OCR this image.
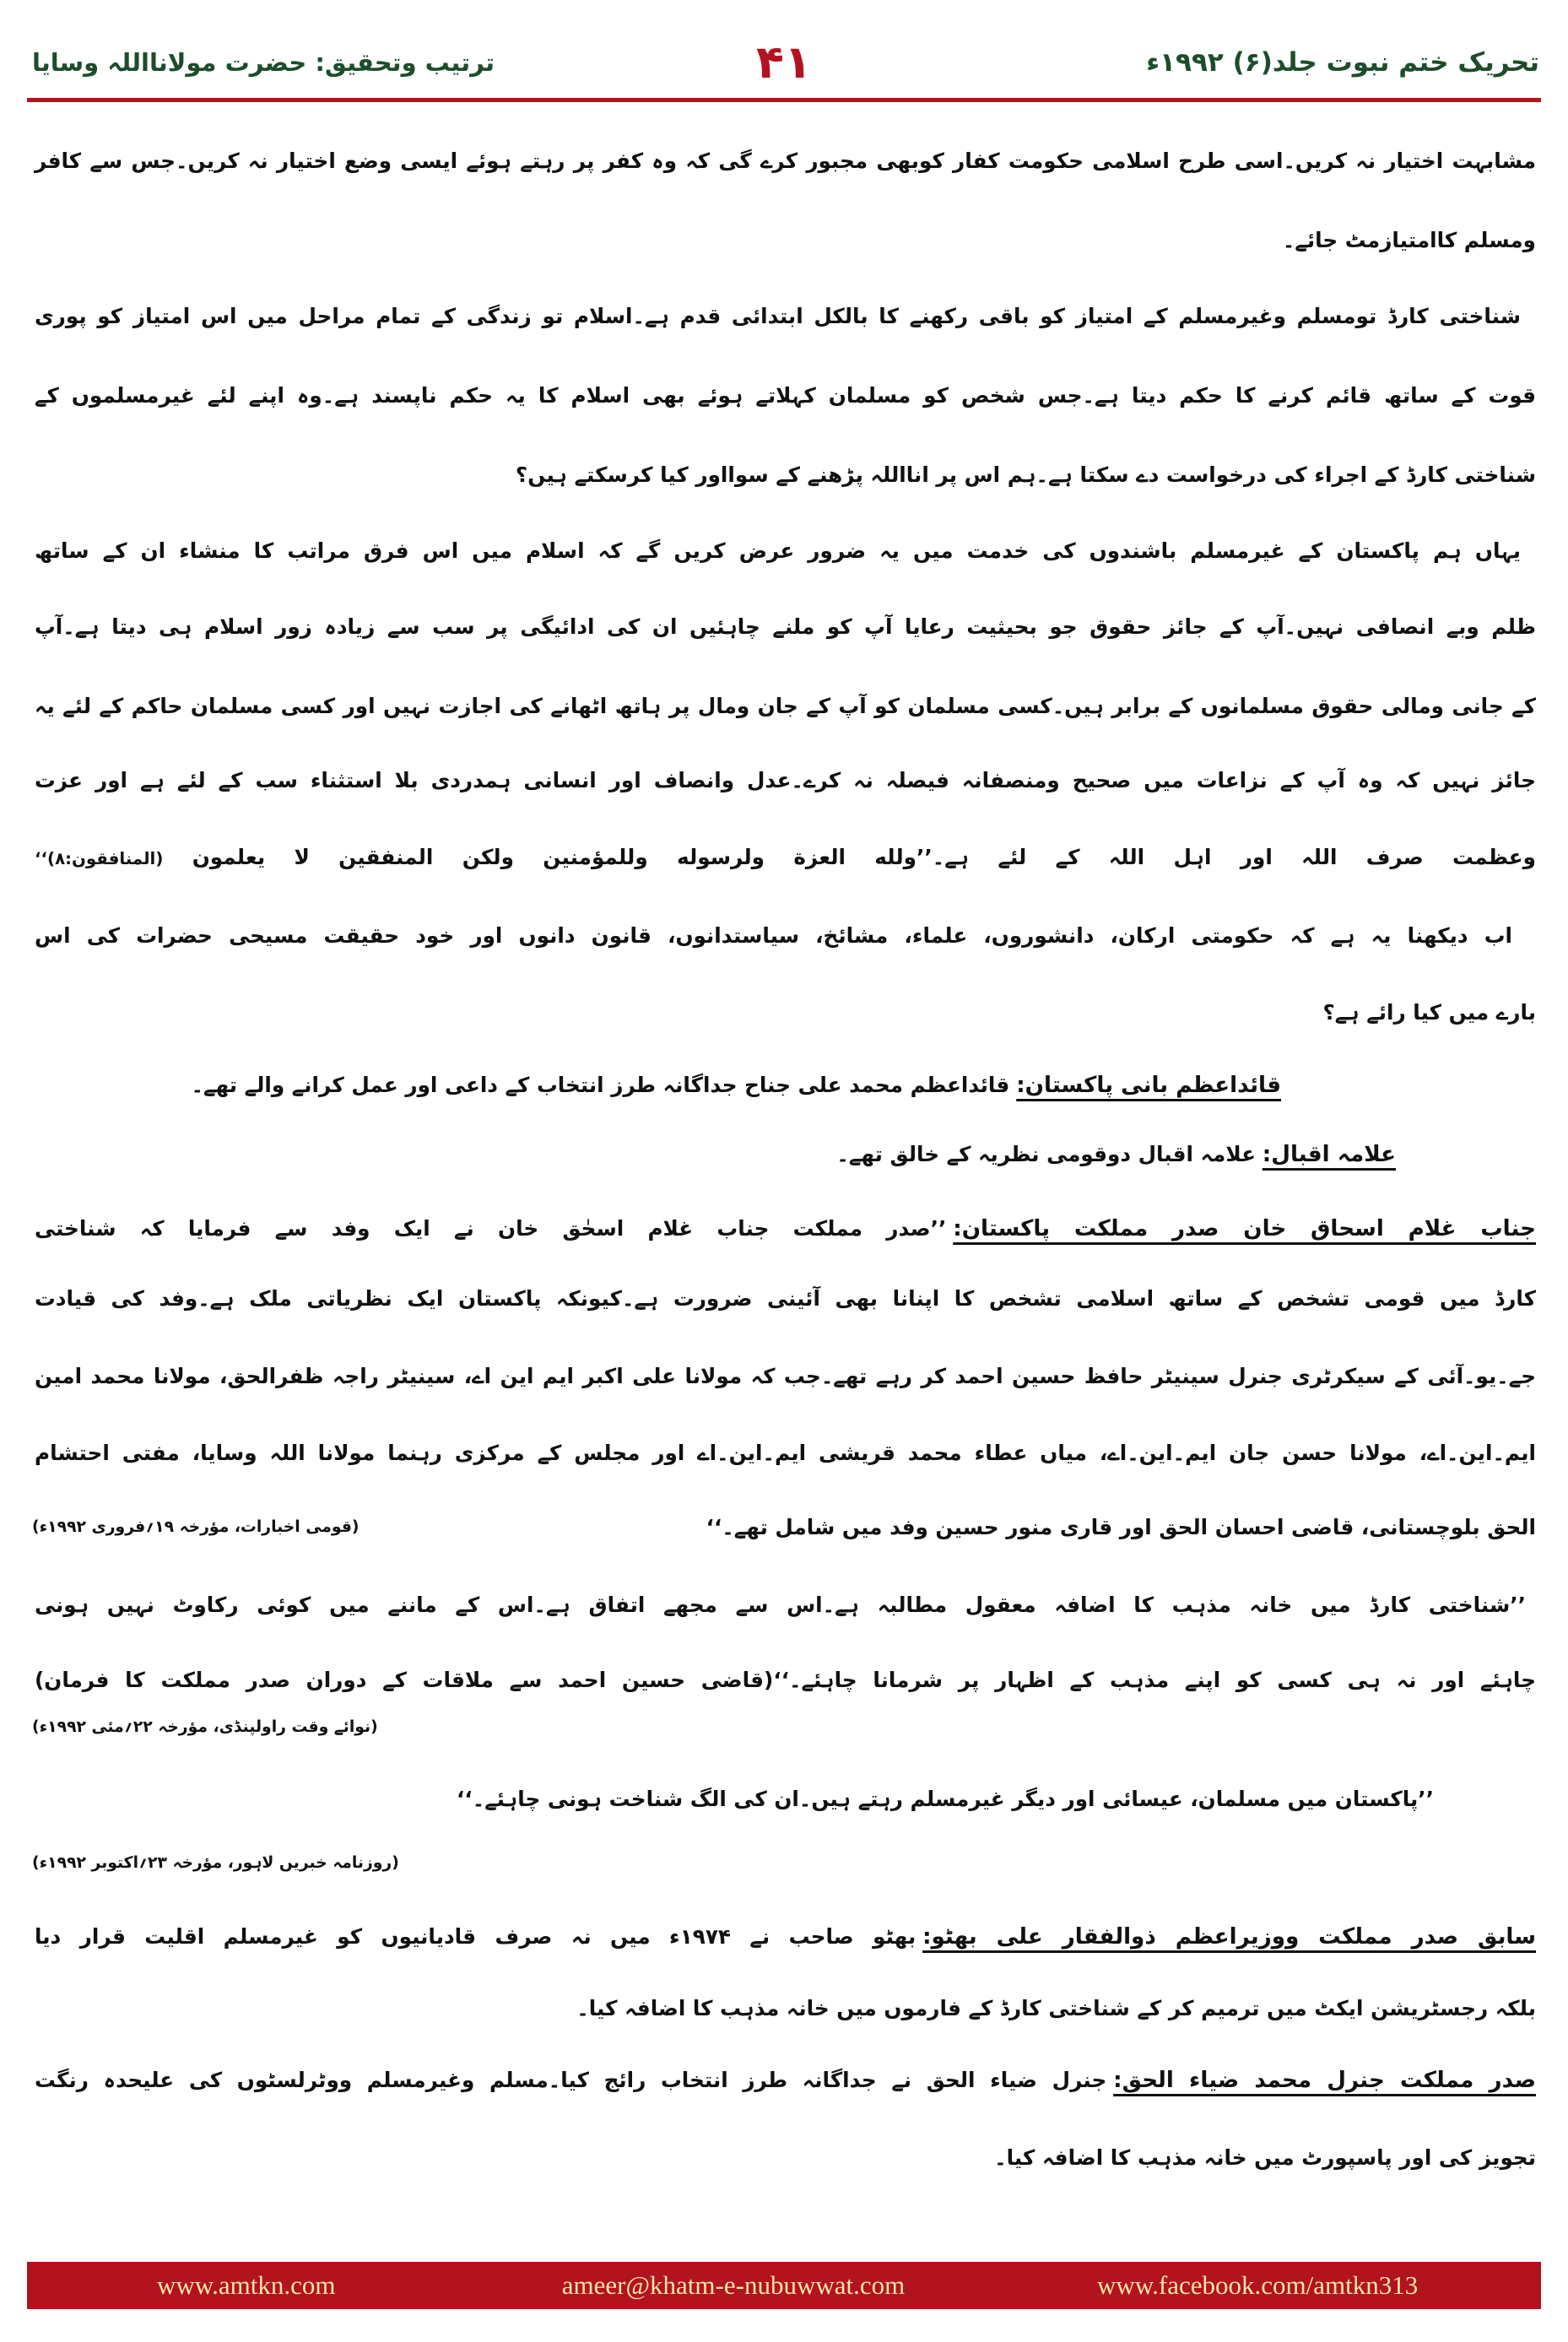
تحریک ختم نبوت جلد(۶) ۱۹۹۲ء
۴۱
ترتیب وتحقیق: حضرت مولانااللہ وسایا
مشابہت اختیار نہ کریں۔اسی طرح اسلامی حکومت کفار کوبھی مجبور کرے گی کہ وہ کفر پر رہتے ہوئے ایسی وضع اختیار نہ کریں۔جس سے کافر
ومسلم کاامتیازمٹ جائے۔
شناختی کارڈ تومسلم وغیرمسلم کے امتیاز کو باقی رکھنے کا بالکل ابتدائی قدم ہے۔اسلام تو زندگی کے تمام مراحل میں اس امتیاز کو پوری
قوت کے ساتھ قائم کرنے کا حکم دیتا ہے۔جس شخص کو مسلمان کہلاتے ہوئے بھی اسلام کا یہ حکم ناپسند ہے۔وہ اپنے لئے غیرمسلموں کے
شناختی کارڈ کے اجراء کی درخواست دے سکتا ہے۔ہم اس پر انااللہ پڑھنے کے سوااور کیا کرسکتے ہیں؟
یہاں ہم پاکستان کے غیرمسلم باشندوں کی خدمت میں یہ ضرور عرض کریں گے کہ اسلام میں اس فرق مراتب کا منشاء ان کے ساتھ
ظلم وبے انصافی نہیں۔آپ کے جائز حقوق جو بحیثیت رعایا آپ کو ملنے چاہئیں ان کی ادائیگی پر سب سے زیادہ زور اسلام ہی دیتا ہے۔آپ
کے جانی ومالی حقوق مسلمانوں کے برابر ہیں۔کسی مسلمان کو آپ کے جان ومال پر ہاتھ اٹھانے کی اجازت نہیں اور کسی مسلمان حاکم کے لئے یہ
جائز نہیں کہ وہ آپ کے نزاعات میں صحیح ومنصفانہ فیصلہ نہ کرے۔عدل وانصاف اور انسانی ہمدردی بلا استثناء سب کے لئے ہے اور عزت
وعظمت صرف اللہ اور اہل اللہ کے لئے ہے۔’’ولله العزة ولرسوله وللمؤمنين ولكن المنفقين لا يعلمون (المنافقون:۸)‘‘
اب دیکھنا یہ ہے کہ حکومتی ارکان، دانشوروں، علماء، مشائخ، سیاستدانوں، قانون دانوں اور خود حقیقت مسیحی حضرات کی اس
بارے میں کیا رائے ہے؟
قائداعظم بانی پاکستان:قائداعظم محمد علی جناح جداگانہ طرز انتخاب کے داعی اور عمل کرانے والے تھے۔
علامہ اقبال:علامہ اقبال دوقومی نظریہ کے خالق تھے۔
جناب غلام اسحاق خان صدر مملکت پاکستان:’’صدر مملکت جناب غلام اسحٰق خان نے ایک وفد سے فرمایا کہ شناختی
کارڈ میں قومی تشخص کے ساتھ اسلامی تشخص کا اپنانا بھی آئینی ضرورت ہے۔کیونکہ پاکستان ایک نظریاتی ملک ہے۔وفد کی قیادت
جے۔یو۔آئی کے سیکرٹری جنرل سینیٹر حافظ حسین احمد کر رہے تھے۔جب کہ مولانا علی اکبر ایم این اے، سینیٹر راجہ ظفرالحق، مولانا محمد امین
ایم۔این۔اے، مولانا حسن جان ایم۔این۔اے، میاں عطاء محمد قریشی ایم۔این۔اے اور مجلس کے مرکزی رہنما مولانا اللہ وسایا، مفتی احتشام
الحق بلوچستانی، قاضی احسان الحق اور قاری منور حسین وفد میں شامل تھے۔‘‘
(قومی اخبارات، مؤرخہ ۱۹؍فروری ۱۹۹۲ء)
’’شناختی کارڈ میں خانہ مذہب کا اضافہ معقول مطالبہ ہے۔اس سے مجھے اتفاق ہے۔اس کے ماننے میں کوئی رکاوٹ نہیں ہونی
چاہئے اور نہ ہی کسی کو اپنے مذہب کے اظہار پر شرمانا چاہئے۔‘‘(قاضی حسین احمد سے ملاقات کے دوران صدر مملکت کا فرمان)
(نوائے وقت راولپنڈی، مؤرخہ ۲۲؍مئی ۱۹۹۲ء)
’’پاکستان میں مسلمان، عیسائی اور دیگر غیرمسلم رہتے ہیں۔ان کی الگ شناخت ہونی چاہئے۔‘‘
(روزنامہ خبریں لاہور، مؤرخہ ۲۳؍اکتوبر ۱۹۹۲ء)
سابق صدر مملکت ووزیراعظم ذوالفقار علی بھٹو:بھٹو صاحب نے ۱۹۷۴ء میں نہ صرف قادیانیوں کو غیرمسلم اقلیت قرار دیا
بلکہ رجسٹریشن ایکٹ میں ترمیم کر کے شناختی کارڈ کے فارموں میں خانہ مذہب کا اضافہ کیا۔
صدر مملکت جنرل محمد ضیاء الحق:جنرل ضیاء الحق نے جداگانہ طرز انتخاب رائج کیا۔مسلم وغیرمسلم ووٹرلسٹوں کی علیحدہ رنگت
تجویز کی اور پاسپورٹ میں خانہ مذہب کا اضافہ کیا۔
www.amtkn.com	ameer@khatm-e-nubuwwat.com	www.facebook.com/amtkn313
